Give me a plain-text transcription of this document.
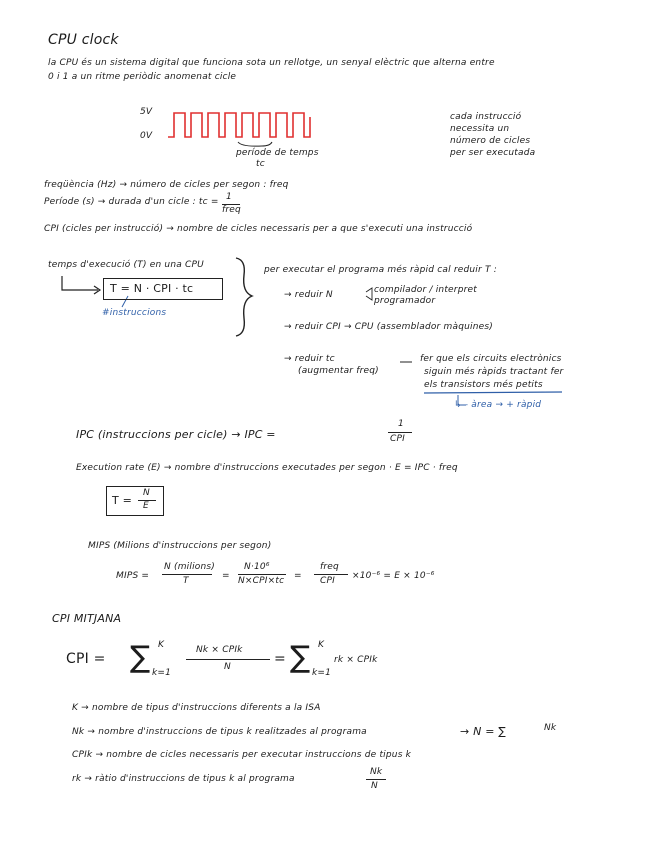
CPU clock
la CPU és un sistema digital que funciona sota un rellotge, un senyal elèctric que alterna entre
0 i 1 a un ritme periòdic anomenat cicle
5V
0V
període de temps
tc
cada instrucció
necessita un
número de cicles
per ser executada
freqüència (Hz) → número de cicles per segon : freq
Període (s) → durada d'un cicle : tc = 1
freq
CPI (cicles per instrucció) → nombre de cicles necessaris per a que s'executi una instrucció
temps d'execució (T) en una CPU
T = N · CPI · tc
#instruccions
per executar el programa més ràpid cal reduir T :
→ reduir N	compilador / interpret
programador
→ reduir CPI → CPU (assemblador màquines)
→ reduir tc
(augmentar freq)
fer que els circuits electrònics
siguin més ràpids tractant fer
els transistors més petits
↳ - àrea → + ràpid
IPC (instruccions per cicle) → IPC =
1
CPI
Execution rate (E) → nombre d'instruccions executades per segon · E = IPC · freq
T =
N
E
MIPS (Milions d'instruccions per segon)
MIPS =
N (milions)
T	=
N·10⁶
N×CPI×tc =
freq
CPI ×10⁻⁶ = E × 10⁻⁶
CPI MITJANA
CPI = ∑ K
k=1
Nk × CPIk
N	= ∑ K
k=1
rk × CPIk
K → nombre de tipus d'instruccions diferents a la ISA
Nk → nombre d'instruccions de tipus k realitzades al programa	→ N = ∑	Nk
CPIk → nombre de cicles necessaris per executar instruccions de tipus k
rk → ràtio d'instruccions de tipus k al programa
Nk
N
